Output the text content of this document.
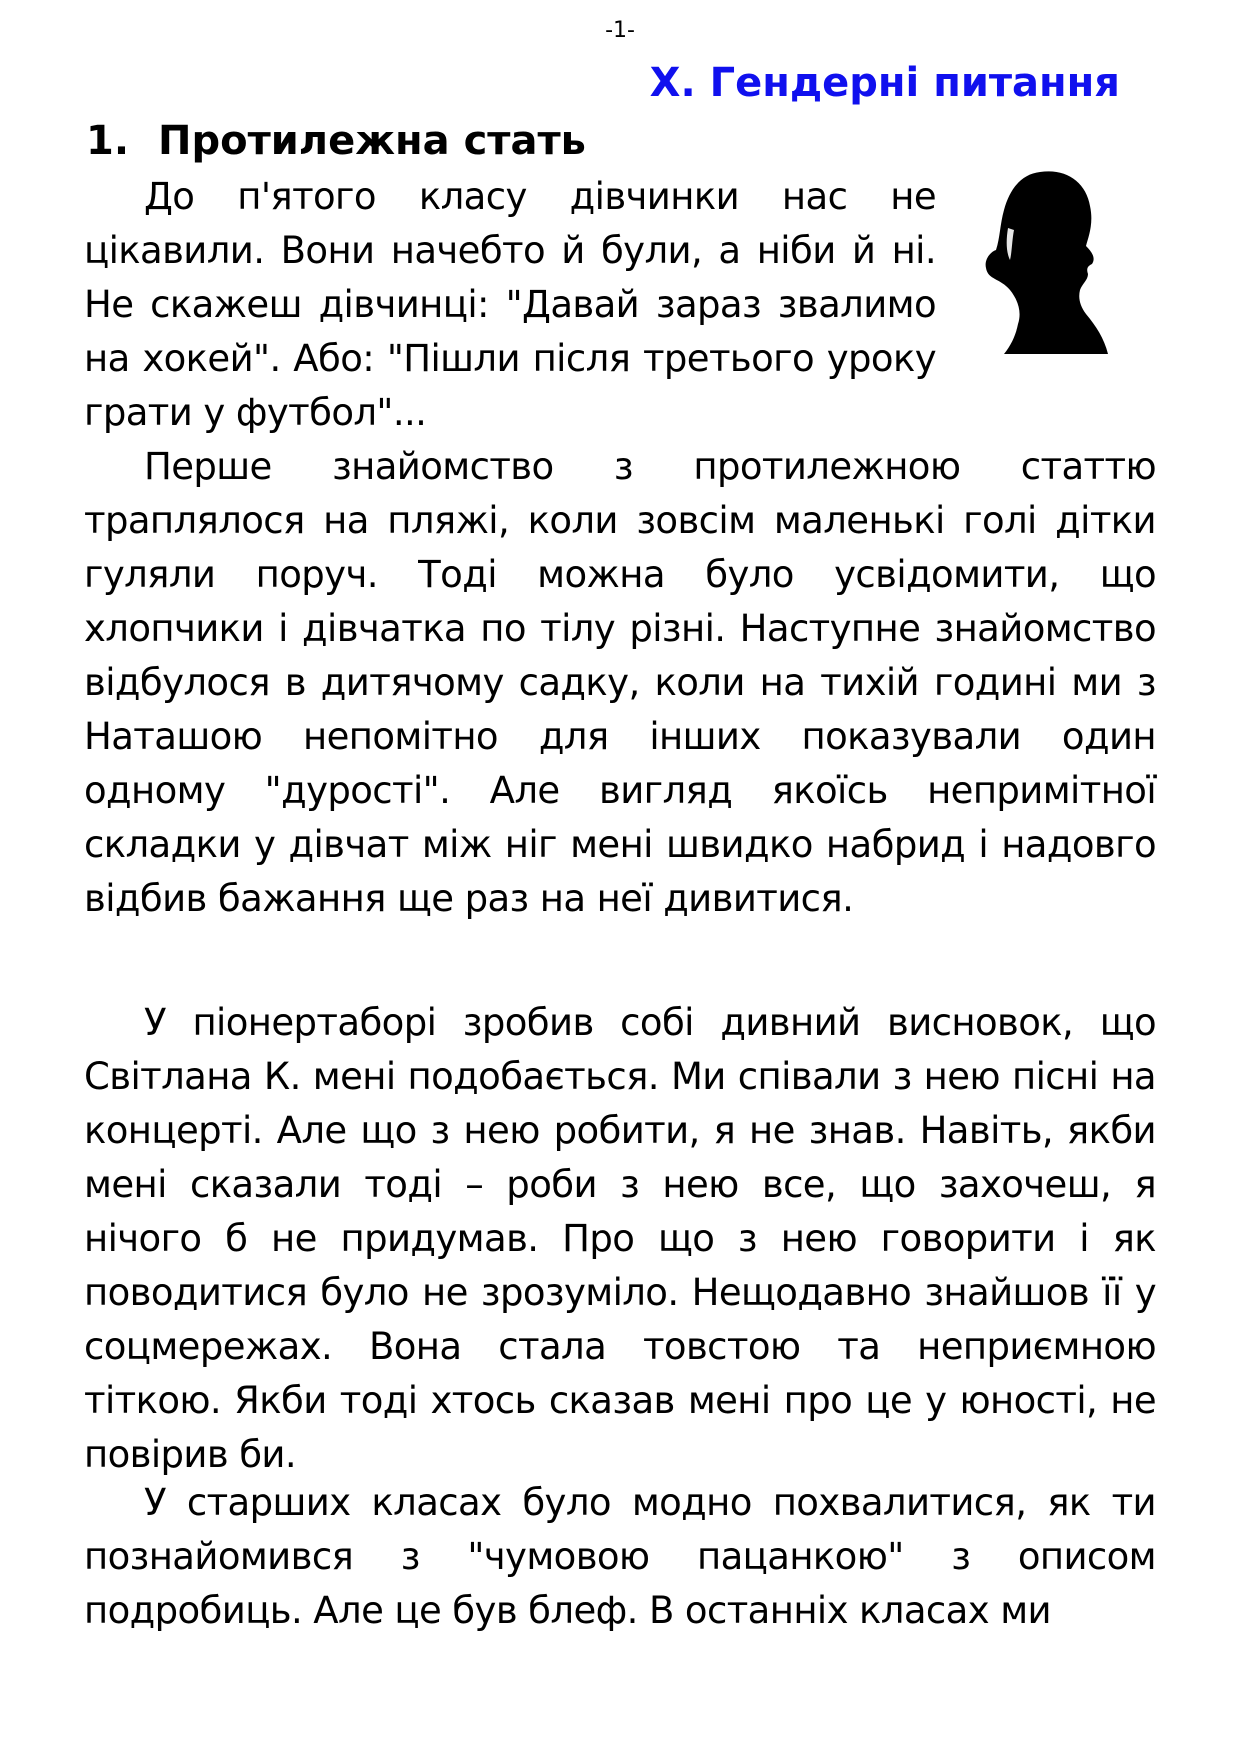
-1-
X. Гендерні питання
1. Протилежна стать

До п'ятого класу дівчинки нас не цікавили. Вони начебто й були, а ніби й ні. Не скажеш дівчинці: "Давай зараз звалимо на хокей". Або: "Пішли після третього уроку грати у футбол"...

Перше знайомство з протилежною статтю траплялося на пляжі, коли зовсім маленькі голі дітки гуляли поруч. Тоді можна було усвідомити, що хлопчики і дівчатка по тілу різні. Наступне знайомство відбулося в дитячому садку, коли на тихій годині ми з Наташою непомітно для інших показували один одному "дурості". Але вигляд якоїсь непримітної складки у дівчат між ніг мені швидко набрид і надовго відбив бажання ще раз на неї дивитися.

У піонертаборі зробив собі дивний висновок, що Світлана К. мені подобається. Ми співали з нею пісні на концерті. Але що з нею робити, я не знав. Навіть, якби мені сказали тоді – роби з нею все, що захочеш, я нічого б не придумав. Про що з нею говорити і як поводитися було не зрозуміло. Нещодавно знайшов її у соцмережах. Вона стала товстою та неприємною тіткою. Якби тоді хтось сказав мені про це у юності, не повірив би.

У старших класах було модно похвалитися, як ти познайомився з "чумовою пацанкою" з описом подробиць. Але це був блеф. В останніх класах ми
